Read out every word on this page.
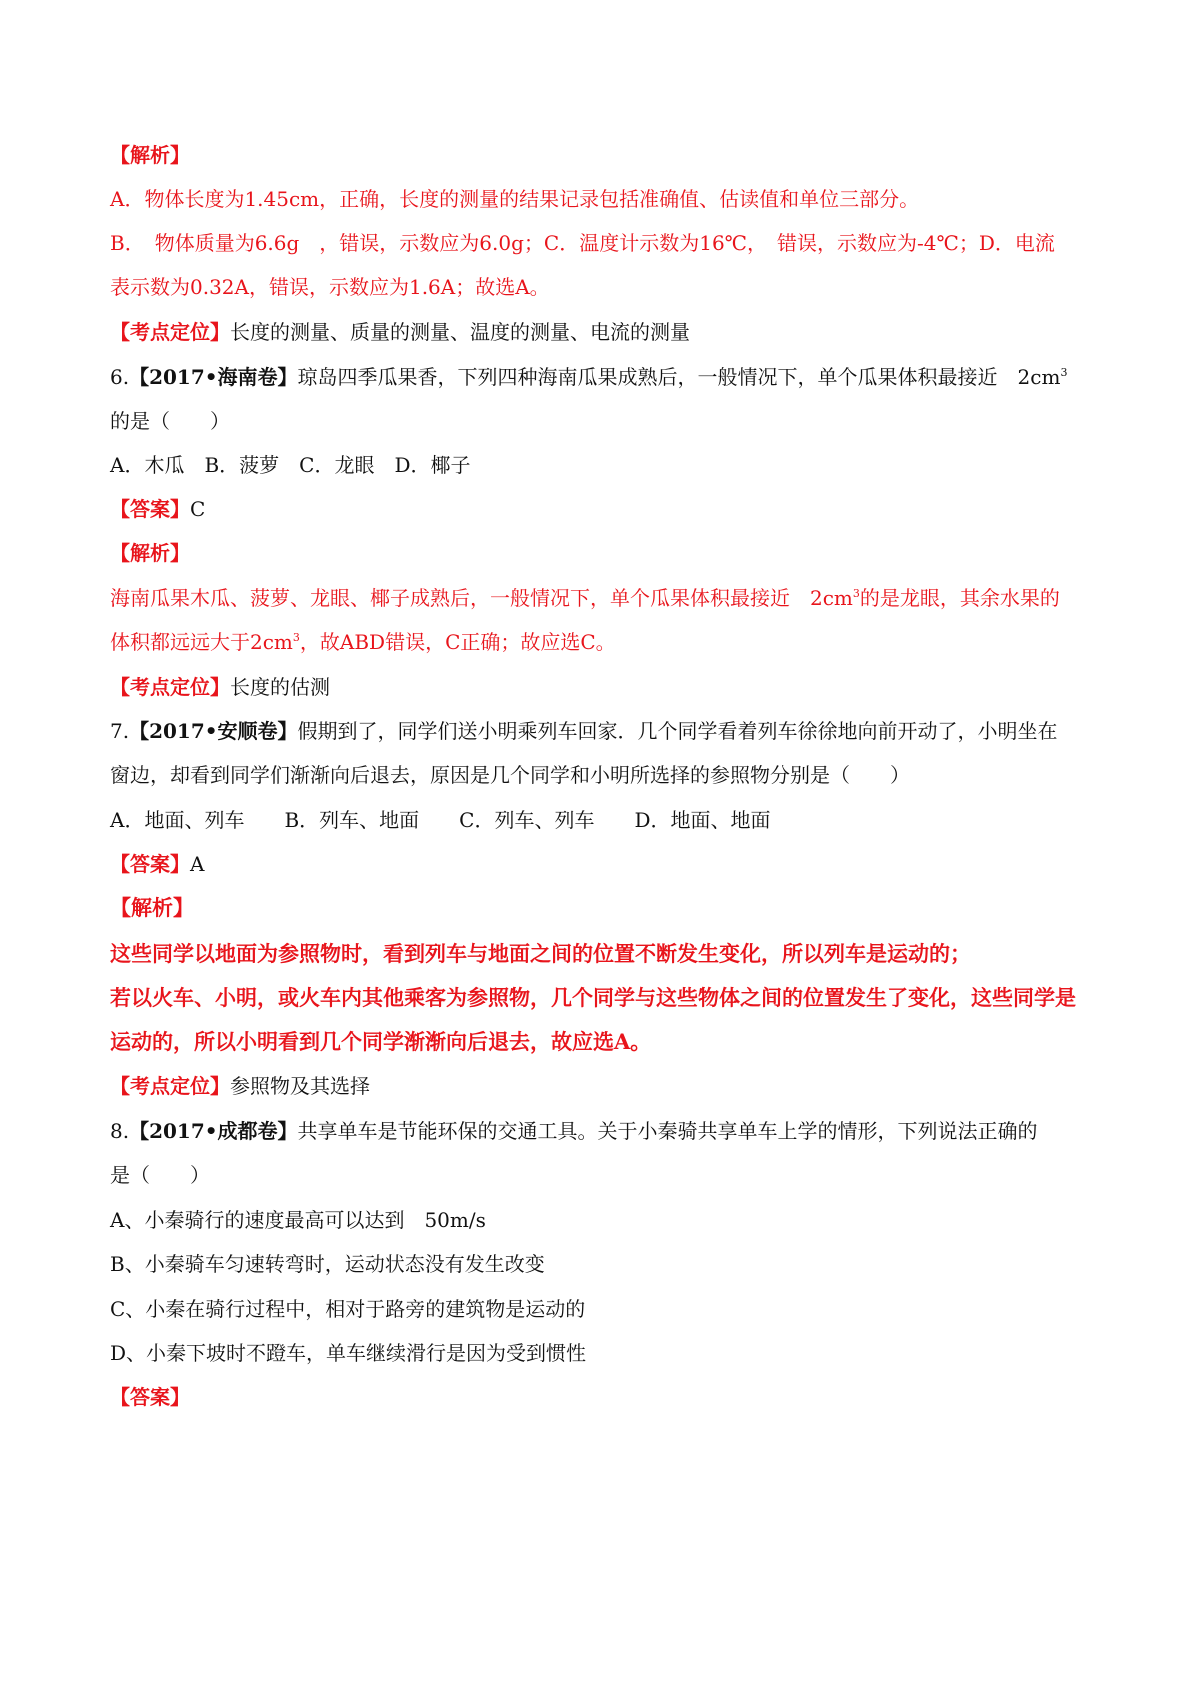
【解析】
A．物体长度为1.45cm，正确，长度的测量的结果记录包括准确值、估读值和单位三部分。
B．　物体质量为6.6g　，错误，示数应为6.0g；C．温度计示数为16℃，　错误，示数应为-4℃；D．电流
表示数为0.32A，错误，示数应为1.6A；故选A。
【考点定位】长度的测量、质量的测量、温度的测量、电流的测量
6.【2017•海南卷】琼岛四季瓜果香，下列四种海南瓜果成熟后，一般情况下，单个瓜果体积最接近　$2cm^3$
的是（　　）
A．木瓜　B．菠萝　C．龙眼　D．椰子
【答案】C
【解析】
海南瓜果木瓜、菠萝、龙眼、椰子成熟后，一般情况下，单个瓜果体积最接近　$2cm^3$的是龙眼，其余水果的
体积都远远大于$2cm^3$，故ABD错误，C正确；故应选C。
【考点定位】长度的估测
7.【2017•安顺卷】假期到了，同学们送小明乘列车回家．几个同学看着列车徐徐地向前开动了，小明坐在
窗边，却看到同学们渐渐向后退去，原因是几个同学和小明所选择的参照物分别是（　　）
A．地面、列车　　B．列车、地面　　C．列车、列车　　D．地面、地面
【答案】A
【解析】
这些同学以地面为参照物时，看到列车与地面之间的位置不断发生变化，所以列车是运动的；
若以火车、小明，或火车内其他乘客为参照物，几个同学与这些物体之间的位置发生了变化，这些同学是
运动的，所以小明看到几个同学渐渐向后退去，故应选A。
【考点定位】参照物及其选择
8.【2017•成都卷】共享单车是节能环保的交通工具。关于小秦骑共享单车上学的情形，下列说法正确的
是（　　）
A、小秦骑行的速度最高可以达到　50m/s
B、小秦骑车匀速转弯时，运动状态没有发生改变
C、小秦在骑行过程中，相对于路旁的建筑物是运动的
D、小秦下坡时不蹬车，单车继续滑行是因为受到惯性
【答案】
